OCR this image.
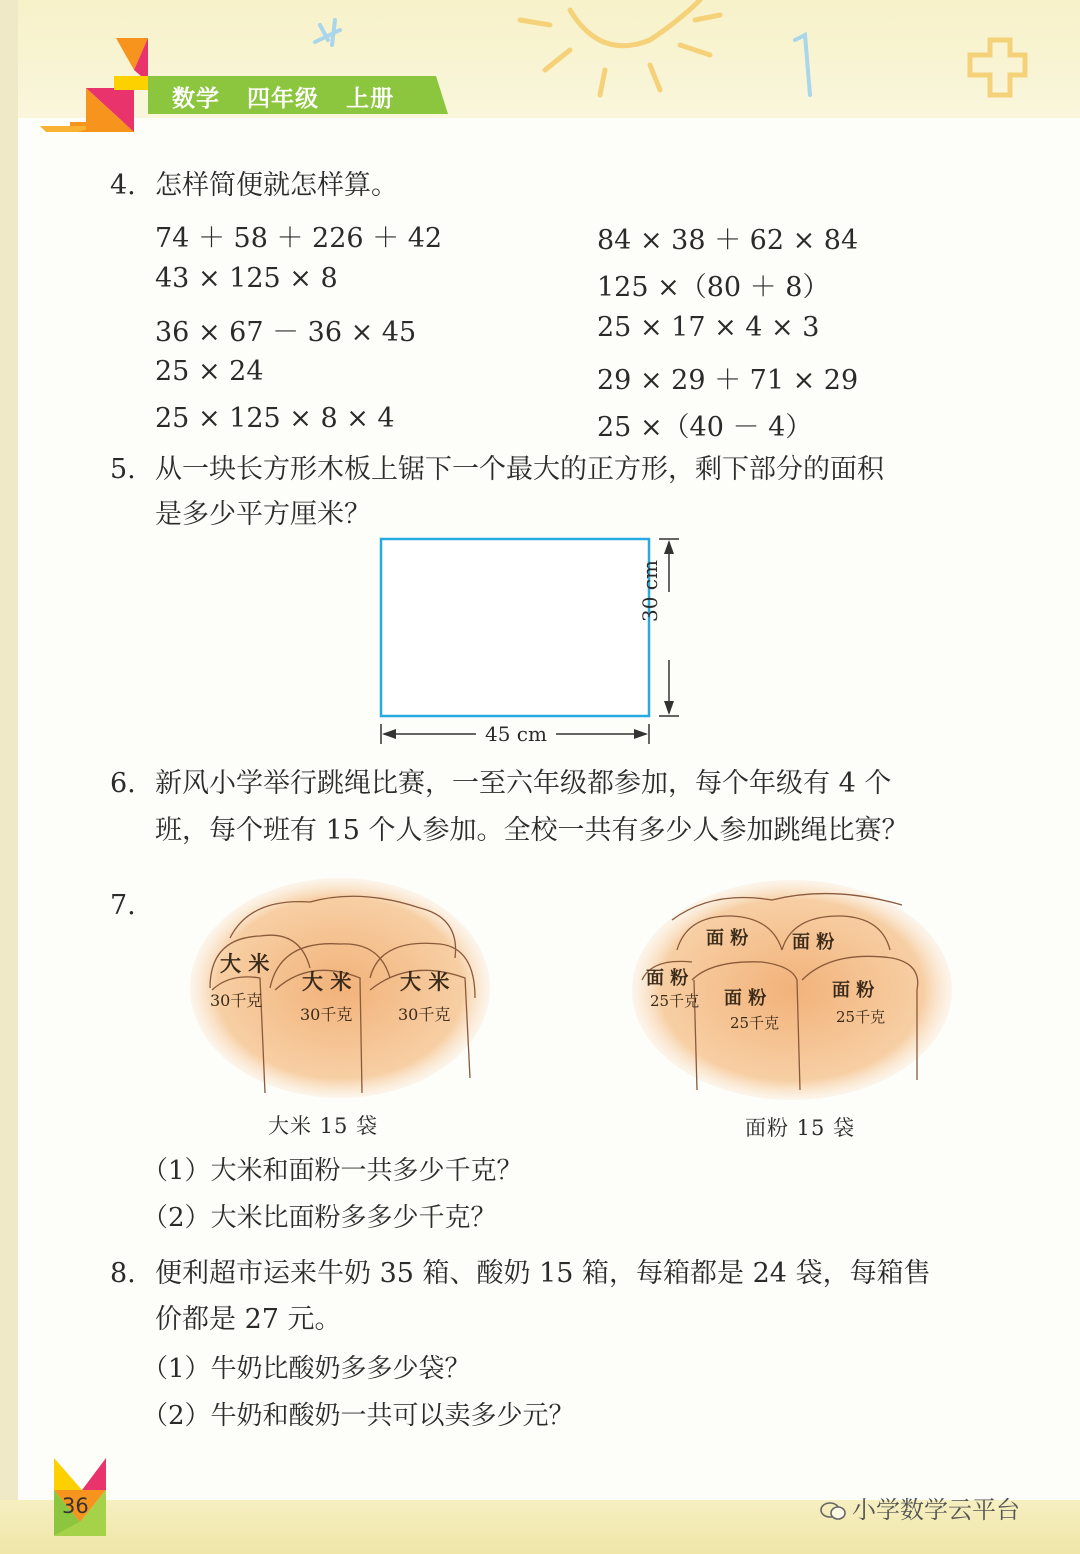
数学 四年级 上册
4. 怎样简便就怎样算。
74 ＋ 58 ＋ 226 ＋ 42
43 × 125 × 8
36 × 67 － 36 × 45
25 × 24
25 × 125 × 8 × 4
84 × 38 ＋ 62 × 84
125 ×（80 ＋ 8）
25 × 17 × 4 × 3
29 × 29 ＋ 71 × 29
25 ×（40 － 4）
5. 从一块长方形木板上锯下一个最大的正方形，剩下部分的面积
是多少平方厘米？
45 cm
30 cm
6. 新风小学举行跳绳比赛，一至六年级都参加，每个年级有 4 个
班，每个班有 15 个人参加。全校一共有多少人参加跳绳比赛？
7.
大 米
大 米 大 米
30千克
30千克	30千克
大米 15 袋
面 粉 面 粉
面 粉
面 粉	面 粉
25千克
25千克	25千克
面粉 15 袋
（1）大米和面粉一共多少千克？
（2）大米比面粉多多少千克？
8. 便利超市运来牛奶 35 箱、酸奶 15 箱，每箱都是 24 袋，每箱售
价都是 27 元。
（1）牛奶比酸奶多多少袋？
（2）牛奶和酸奶一共可以卖多少元？
36	小学数学云平台
